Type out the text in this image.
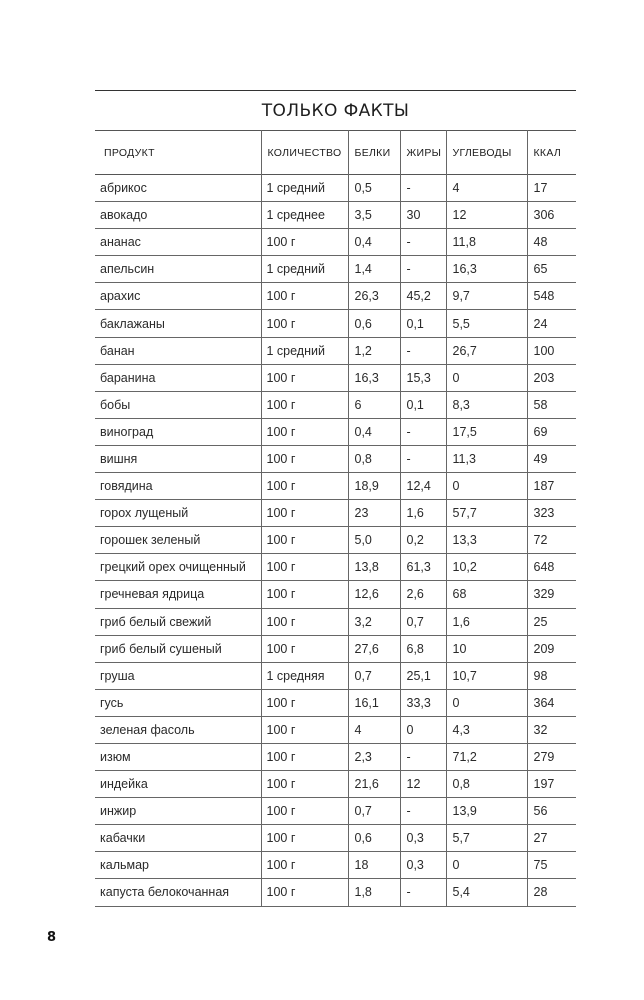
ТОЛЬКО ФАКТЫ
ПРОДУКТ	КОЛИЧЕСТВО	БЕЛКИ	ЖИРЫ	УГЛЕВОДЫ	ККАЛ
абрикос	1 средний	0,5	-	4	17
авокадо	1 среднее	3,5	30	12	306
ананас	100 г	0,4	-	11,8	48
апельсин	1 средний	1,4	-	16,3	65
арахис	100 г	26,3	45,2	9,7	548
баклажаны	100 г	0,6	0,1	5,5	24
банан	1 средний	1,2	-	26,7	100
баранина	100 г	16,3	15,3	0	203
бобы	100 г	6	0,1	8,3	58
виноград	100 г	0,4	-	17,5	69
вишня	100 г	0,8	-	11,3	49
говядина	100 г	18,9	12,4	0	187
горох лущеный	100 г	23	1,6	57,7	323
горошек зеленый	100 г	5,0	0,2	13,3	72
грецкий орех очищенный	100 г	13,8	61,3	10,2	648
гречневая ядрица	100 г	12,6	2,6	68	329
гриб белый свежий	100 г	3,2	0,7	1,6	25
гриб белый сушеный	100 г	27,6	6,8	10	209
груша	1 средняя	0,7	25,1	10,7	98
гусь	100 г	16,1	33,3	0	364
зеленая фасоль	100 г	4	0	4,3	32
изюм	100 г	2,3	-	71,2	279
индейка	100 г	21,6	12	0,8	197
инжир	100 г	0,7	-	13,9	56
кабачки	100 г	0,6	0,3	5,7	27
кальмар	100 г	18	0,3	0	75
капуста белокочанная	100 г	1,8	-	5,4	28
8
